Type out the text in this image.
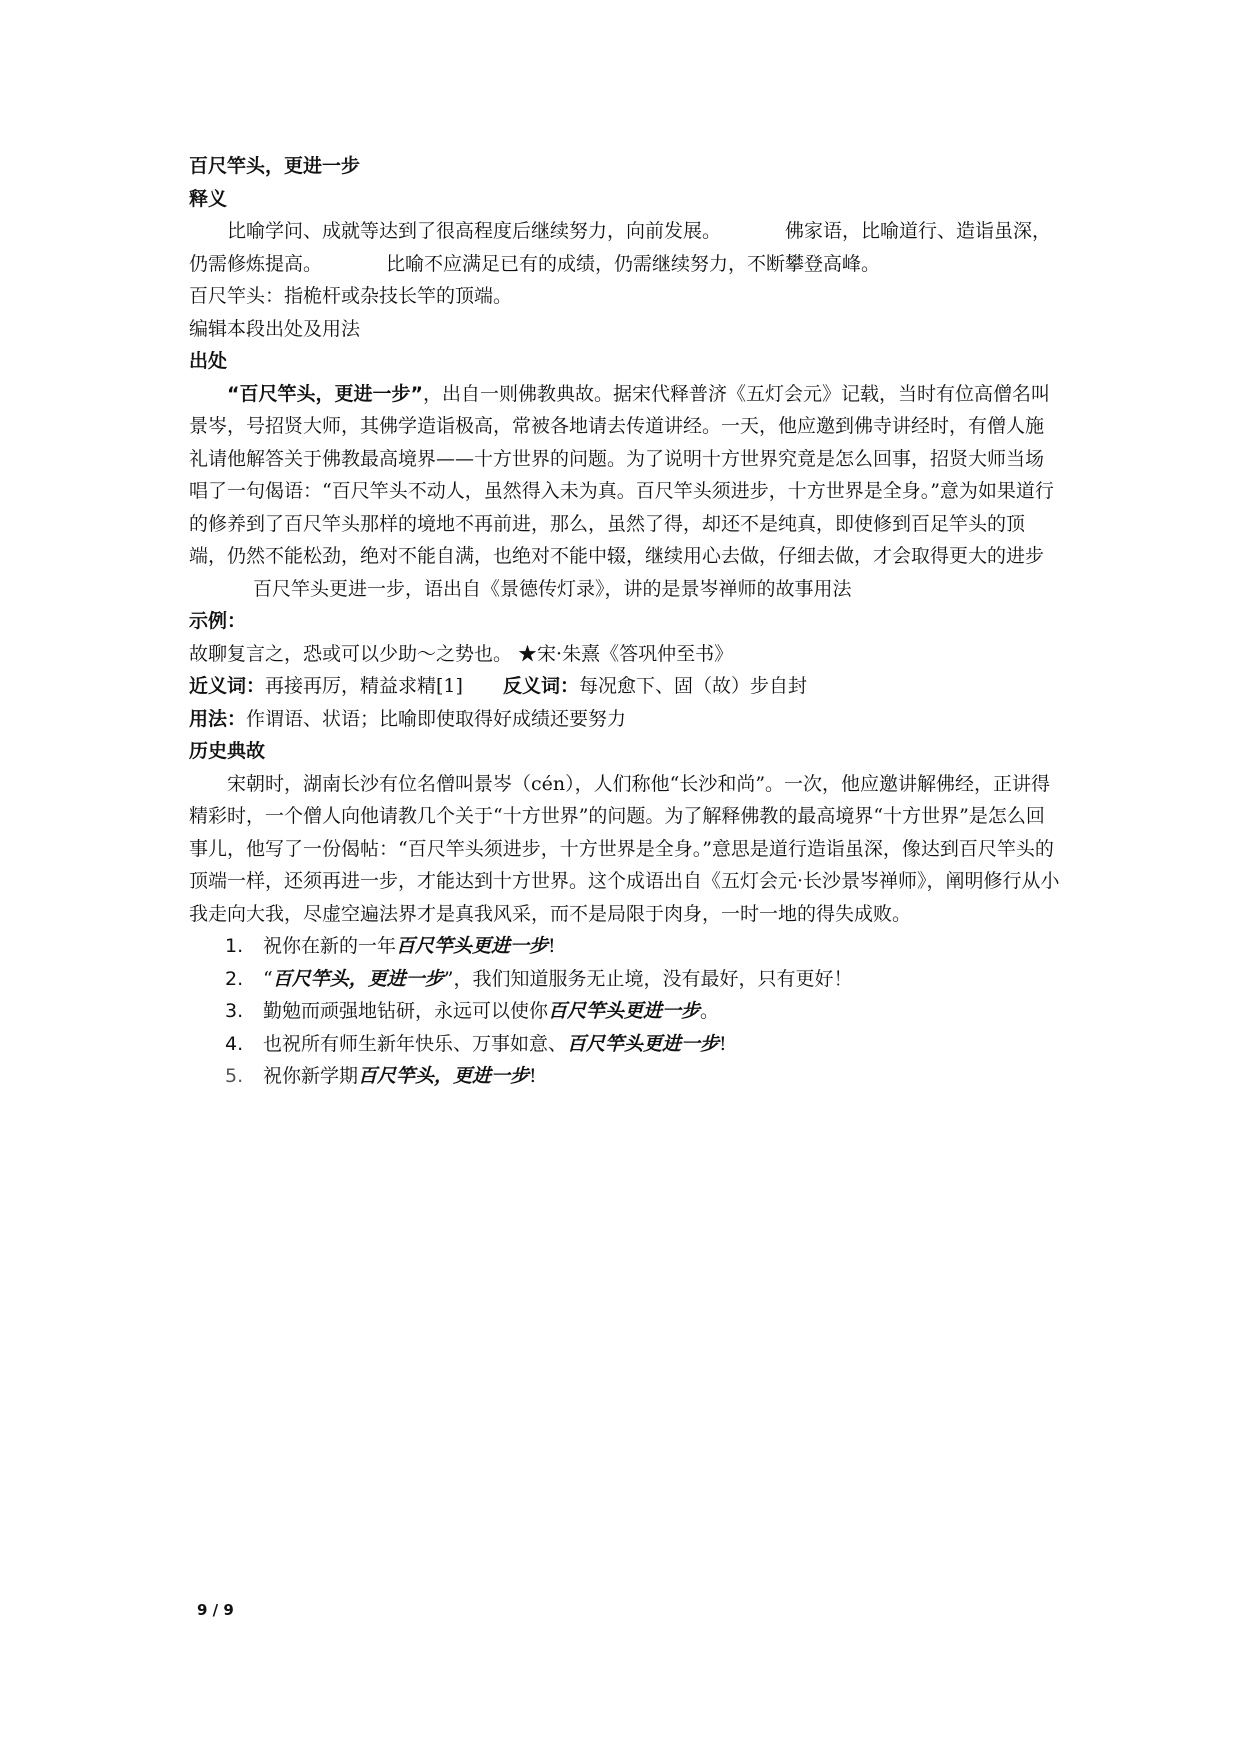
百尺竿头，更进一步

释义

比喻学问、成就等达到了很高程度后继续努力，向前发展。	佛家语，比喻道行、造诣虽深，仍需修炼提高。	比喻不应满足已有的成绩，仍需继续努力，不断攀登高峰。

百尺竿头：指桅杆或杂技长竿的顶端。

编辑本段出处及用法

出处

“百尺竿头，更进一步”，出自一则佛教典故。据宋代释普济《五灯会元》记载，当时有位高僧名叫景岑，号招贤大师，其佛学造诣极高，常被各地请去传道讲经。一天，他应邀到佛寺讲经时，有僧人施礼请他解答关于佛教最高境界——十方世界的问题。为了说明十方世界究竟是怎么回事，招贤大师当场唱了一句偈语：“百尺竿头不动人，虽然得入未为真。百尺竿头须进步，十方世界是全身。”意为如果道行的修养到了百尺竿头那样的境地不再前进，那么，虽然了得，却还不是纯真，即使修到百足竿头的顶端，仍然不能松劲，绝对不能自满，也绝对不能中辍，继续用心去做，仔细去做，才会取得更大的进步百尺竿头更进一步，语出自《景德传灯录》，讲的是景岑禅师的故事用法

示例：

故聊复言之，恐或可以少助～之势也。 ★宋·朱熹《答巩仲至书》

近义词：再接再厉，精益求精[1] 反义词：每况愈下、固（故）步自封

用法：作谓语、状语；比喻即使取得好成绩还要努力

历史典故

宋朝时，湖南长沙有位名僧叫景岑（cén），人们称他“长沙和尚”。一次，他应邀讲解佛经，正讲得精彩时，一个僧人向他请教几个关于“十方世界”的问题。为了解释佛教的最高境界“十方世界”是怎么回事儿，他写了一份偈帖：“百尺竿头须进步，十方世界是全身。”意思是道行造诣虽深，像达到百尺竿头的顶端一样，还须再进一步，才能达到十方世界。这个成语出自《五灯会元·长沙景岑禅师》，阐明修行从小我走向大我，尽虚空遍法界才是真我风采，而不是局限于肉身，一时一地的得失成败。

1. 祝你在新的一年百尺竿头更进一步!
2. “百尺竿头，更进一步”，我们知道服务无止境，没有最好，只有更好！
3. 勤勉而顽强地钻研，永远可以使你百尺竿头更进一步。
4. 也祝所有师生新年快乐、万事如意、百尺竿头更进一步!
5. 祝你新学期百尺竿头，更进一步!
9 / 9
